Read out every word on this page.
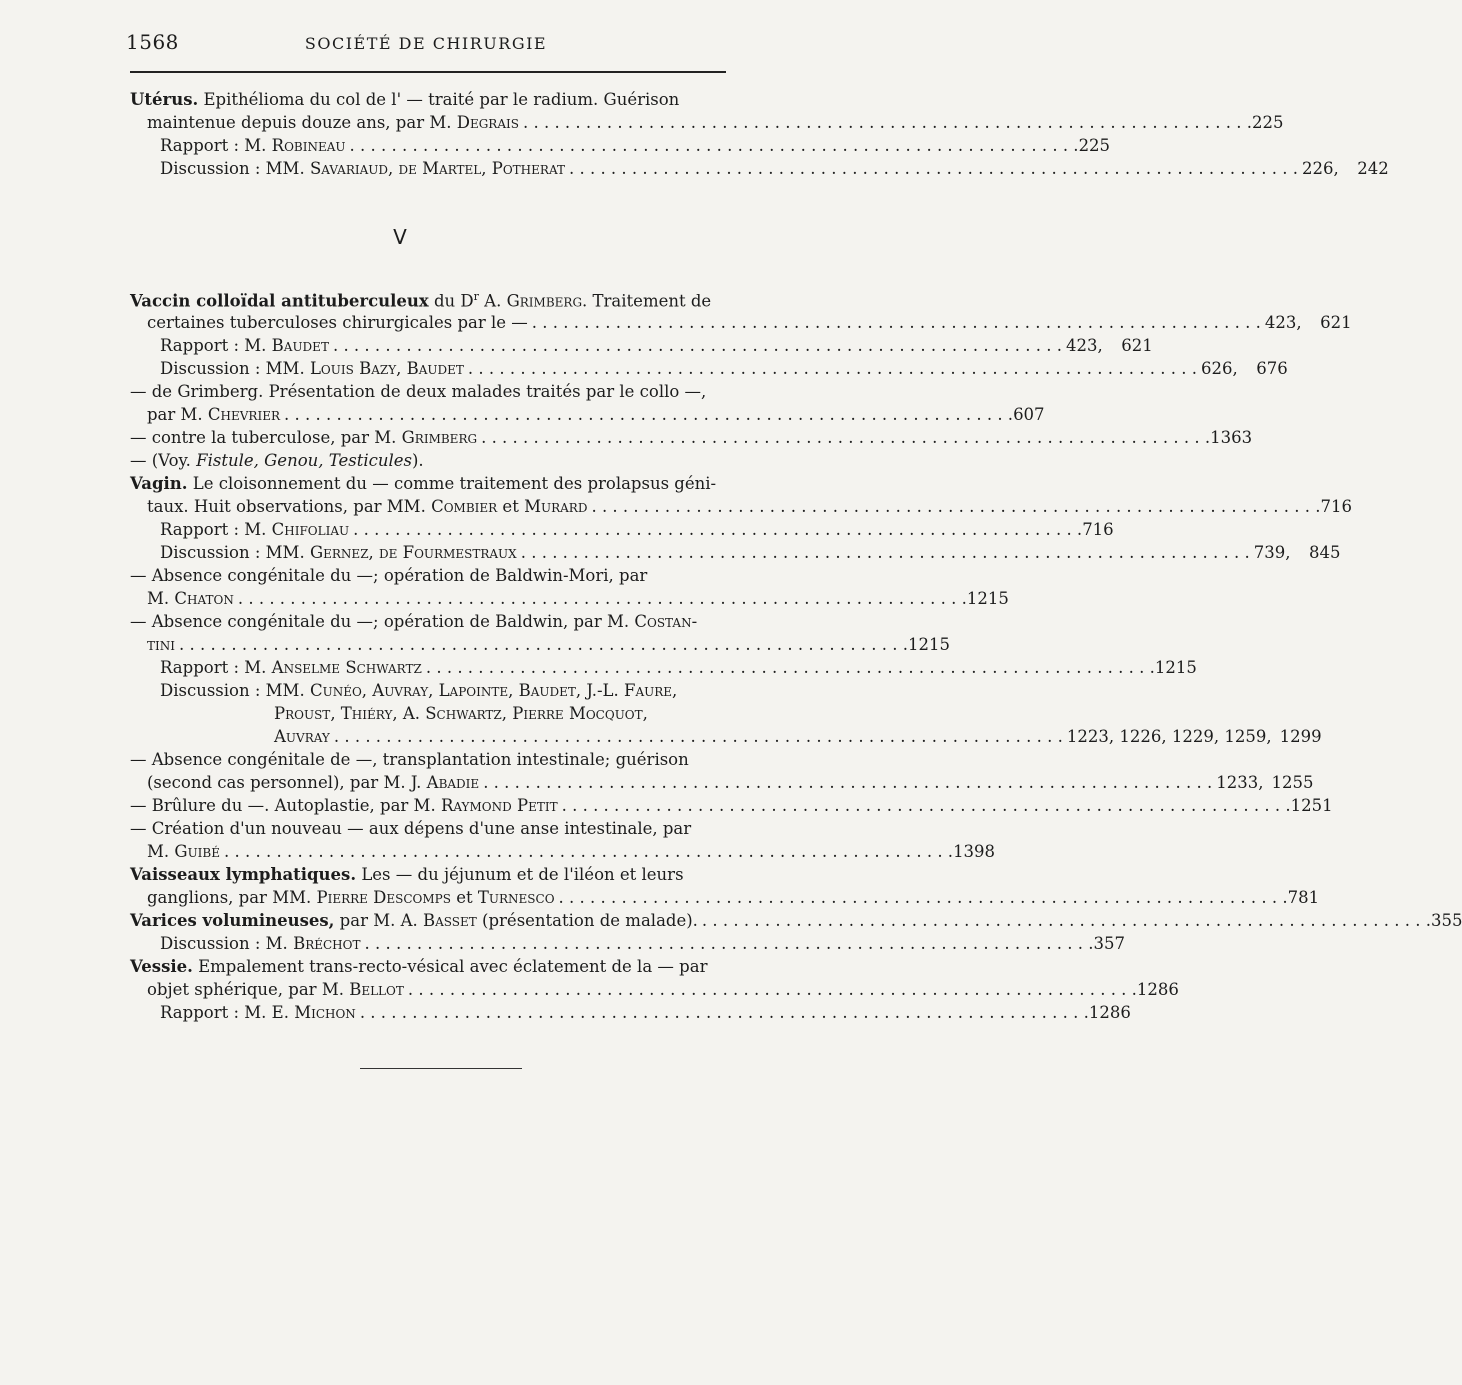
1568	SOCIÉTÉ DE CHIRURGIE
V
Utérus. Epithélioma du col de l' — traité par le radium. Guérison
maintenue depuis douze ans, par M. Degrais . . .	225
Rapport : M. Robineau . . .	225
Discussion : MM. Savariaud, de Martel, Potherat . . .	226,	242
Vaccin colloïdal antituberculeux du $D^r$ A. Grimberg. Traitement de
certaines tuberculoses chirurgicales par le — . . .	423,	621
Rapport : M. Baudet . . .	423,	621
Discussion : MM. Louis Bazy, Baudet . . .	626,	676
— de Grimberg. Présentation de deux malades traités par le collo —,
par M. Chevrier . . .	607
— contre la tuberculose, par M. Grimberg . . .	1363
— (Voy. Fistule, Genou, Testicules).
Vagin. Le cloisonnement du — comme traitement des prolapsus géni-
taux. Huit observations, par MM. Combier et Murard . . .	716
Rapport : M. Chifoliau . . .	716
Discussion : MM. Gernez, de Fourmestraux . . .	739,	845
— Absence congénitale du —; opération de Baldwin-Mori, par
M. Chaton . . .	1215
— Absence congénitale du —; opération de Baldwin, par M. Costan-
tini . . .	1215
Rapport : M. Anselme Schwartz . . .	1215
Discussion : MM. Cunéo, Auvray, Lapointe, Baudet, J.-L. Faure,
Proust, Thiéry, A. Schwartz, Pierre Mocquot,
Auvray . . .	1223, 1226, 1229, 1259, 1299
— Absence congénitale de —, transplantation intestinale; guérison
(second cas personnel), par M. J. Abadie . . .	1233, 1255
— Brûlure du —. Autoplastie, par M. Raymond Petit . . .	1251
— Création d'un nouveau — aux dépens d'une anse intestinale, par
M. Guibé . . .	1398
Vaisseaux lymphatiques. Les — du jéjunum et de l'iléon et leurs
ganglions, par MM. Pierre Descomps et Turnesco . . .	781
Varices volumineuses, par M. A. Basset (présentation de malade). . . .	355
Discussion : M. Bréchot . . .	357
Vessie. Empalement trans-recto-vésical avec éclatement de la — par
objet sphérique, par M. Bellot . . .	1286
Rapport : M. E. Michon . . .	1286
